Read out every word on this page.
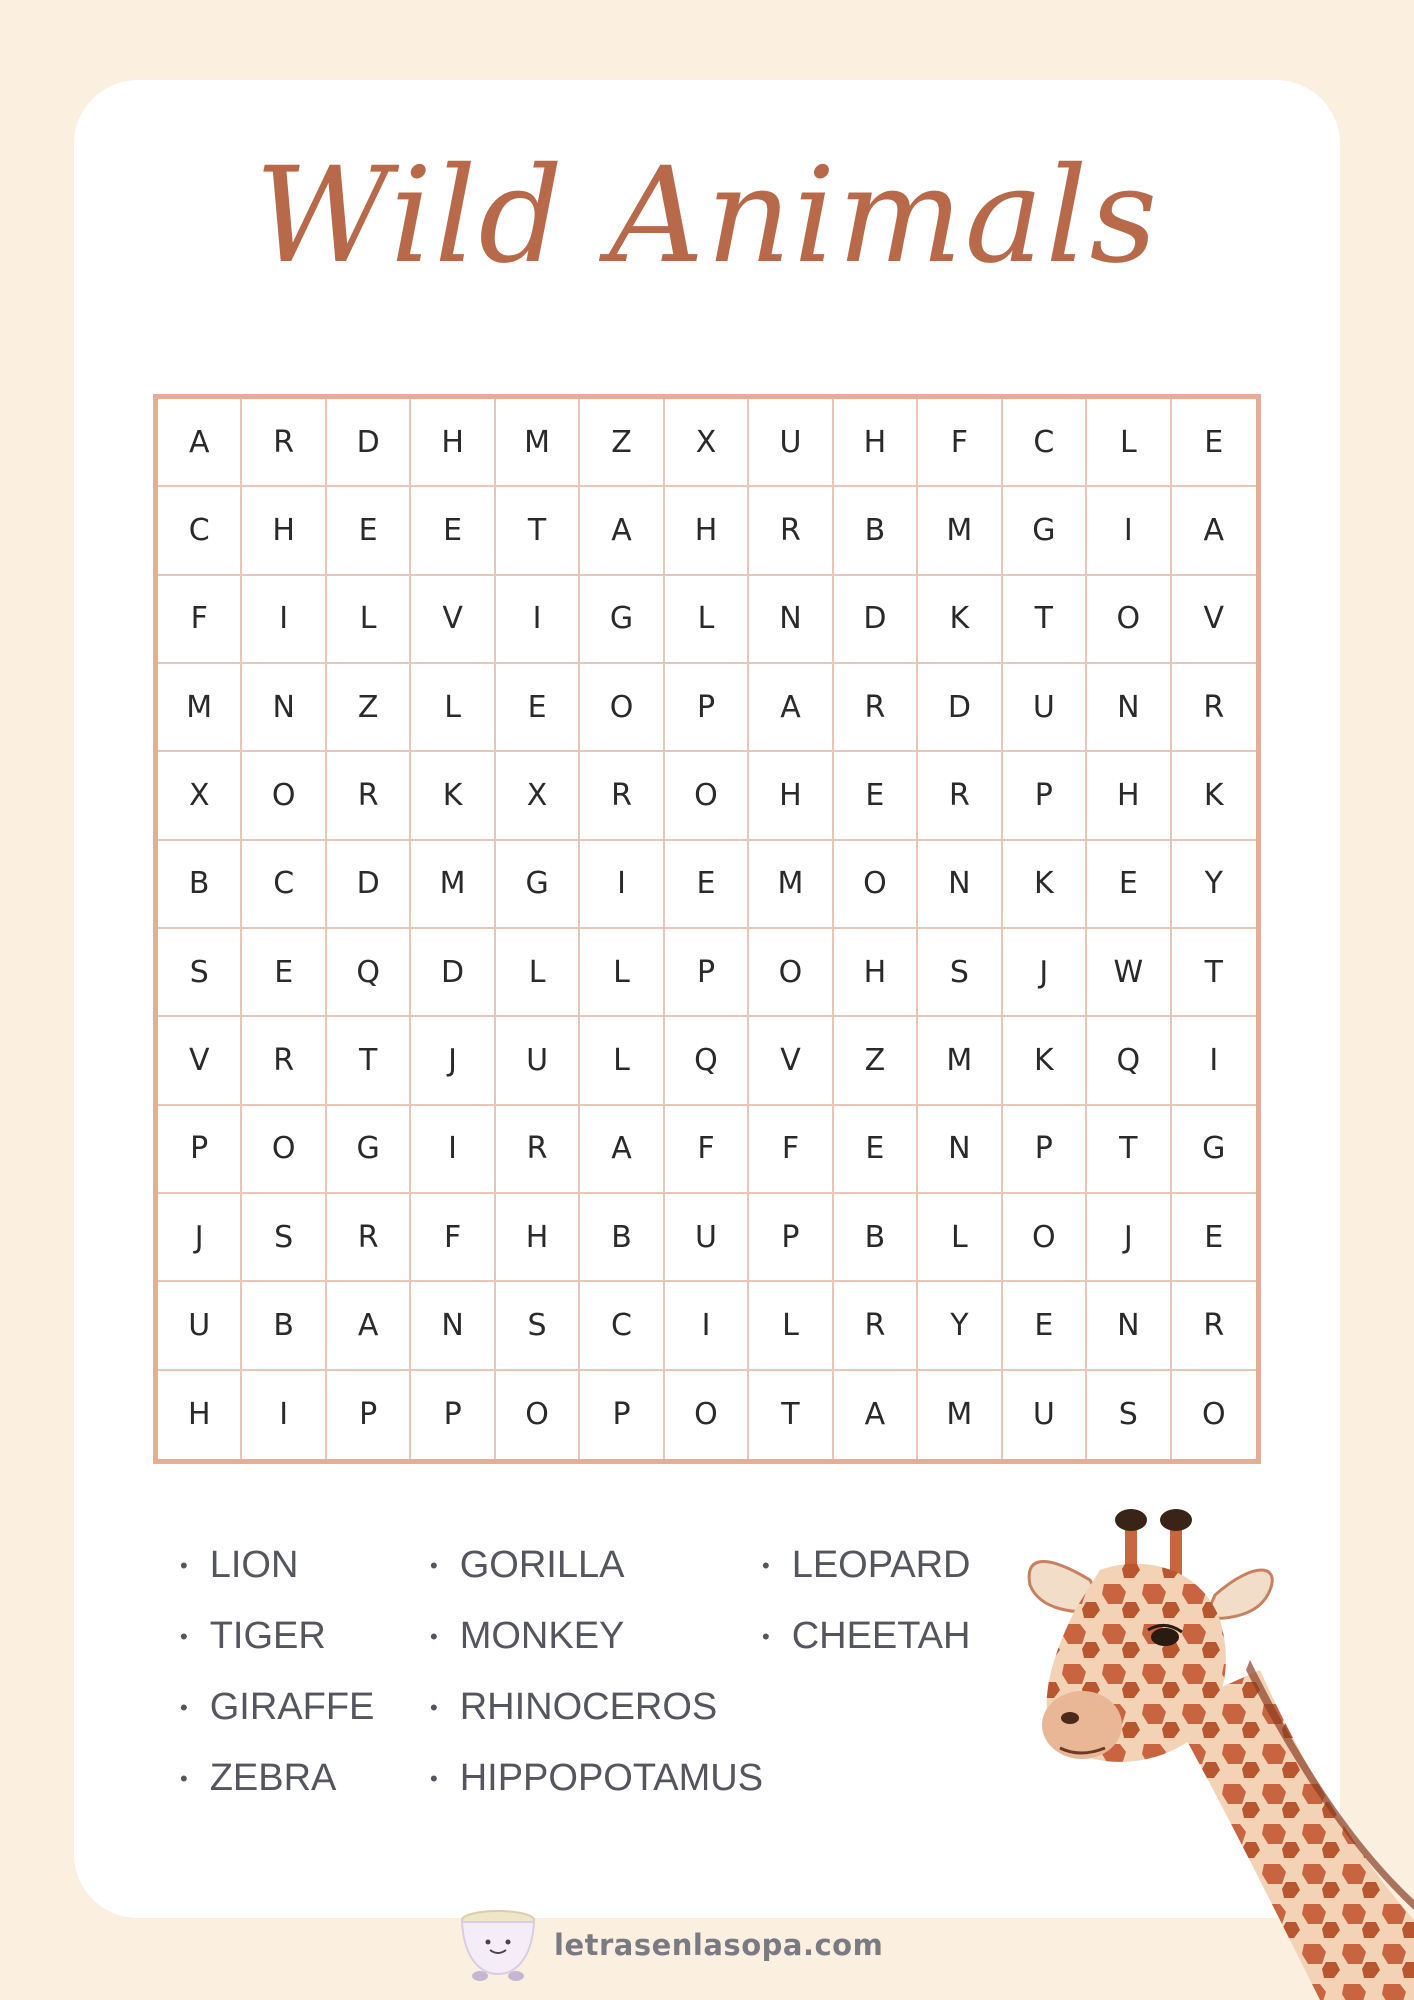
Wild Animals
A	R	D	H	M	Z	X	U	H	F	C	L	E
C	H	E	E	T	A	H	R	B	M	G	I	A
F	I	L	V	I	G	L	N	D	K	T	O	V
M	N	Z	L	E	O	P	A	R	D	U	N	R
X	O	R	K	X	R	O	H	E	R	P	H	K
B	C	D	M	G	I	E	M	O	N	K	E	Y
S	E	Q	D	L	L	P	O	H	S	J	W	T
V	R	T	J	U	L	Q	V	Z	M	K	Q	I
P	O	G	I	R	A	F	F	E	N	P	T	G
J	S	R	F	H	B	U	P	B	L	O	J	E
U	B	A	N	S	C	I	L	R	Y	E	N	R
H	I	P	P	O	P	O	T	A	M	U	S	O
• LION
• TIGER
• GIRAFFE
• ZEBRA
• GORILLA
• MONKEY
• RHINOCEROS
• HIPPOPOTAMUS
• LEOPARD
• CHEETAH
letrasenlasopa.com
